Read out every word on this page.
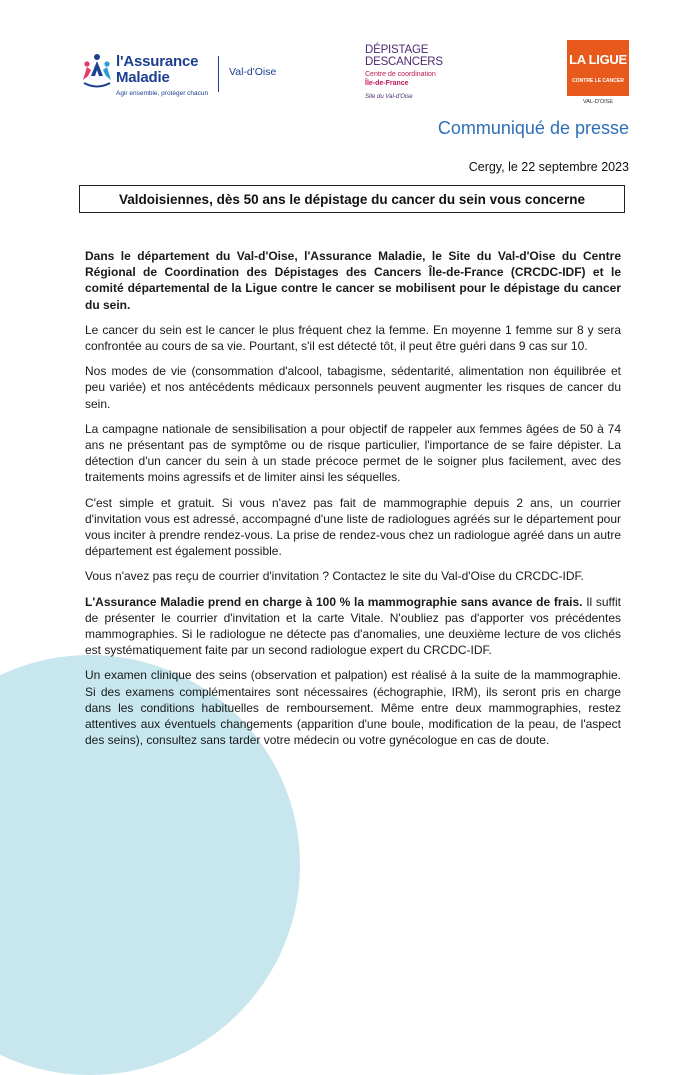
l'Assurance
Maladie
Agir ensemble, protéger chacun
Val-d'Oise
DÉPISTAGE
DESCANCERS
Centre de coordination
Île-de-France
Site du Val-d'Oise
LA LIGUE
CONTRE LE CANCER
VAL-D'OISE
Communiqué de presse
Cergy, le 22 septembre 2023
Valdoisiennes, dès 50 ans le dépistage du cancer du sein vous concerne

Dans le département du Val-d'Oise, l'Assurance Maladie, le Site du Val-d'Oise du Centre Régional de Coordination des Dépistages des Cancers Île-de-France (CRCDC-IDF) et le comité départemental de la Ligue contre le cancer se mobilisent pour le dépistage du cancer du sein.

Le cancer du sein est le cancer le plus fréquent chez la femme. En moyenne 1 femme sur 8 y sera confrontée au cours de sa vie. Pourtant, s'il est détecté tôt, il peut être guéri dans 9 cas sur 10.

Nos modes de vie (consommation d'alcool, tabagisme, sédentarité, alimentation non équilibrée et peu variée) et nos antécédents médicaux personnels peuvent augmenter les risques de cancer du sein.

La campagne nationale de sensibilisation a pour objectif de rappeler aux femmes âgées de 50 à 74 ans ne présentant pas de symptôme ou de risque particulier, l'importance de se faire dépister. La détection d'un cancer du sein à un stade précoce permet de le soigner plus facilement, avec des traitements moins agressifs et de limiter ainsi les séquelles.

C'est simple et gratuit. Si vous n'avez pas fait de mammographie depuis 2 ans, un courrier d'invitation vous est adressé, accompagné d'une liste de radiologues agréés sur le département pour vous inciter à prendre rendez-vous. La prise de rendez-vous chez un radiologue agréé dans un autre département est également possible.

Vous n'avez pas reçu de courrier d'invitation ? Contactez le site du Val-d'Oise du CRCDC-IDF.

L'Assurance Maladie prend en charge à 100 % la mammographie sans avance de frais. Il suffit de présenter le courrier d'invitation et la carte Vitale. N'oubliez pas d'apporter vos précédentes mammographies. Si le radiologue ne détecte pas d'anomalies, une deuxième lecture de vos clichés est systématiquement faite par un second radiologue expert du CRCDC-IDF.

Un examen clinique des seins (observation et palpation) est réalisé à la suite de la mammographie. Si des examens complémentaires sont nécessaires (échographie, IRM), ils seront pris en charge dans les conditions habituelles de remboursement. Même entre deux mammographies, restez attentives aux éventuels changements (apparition d'une boule, modification de la peau, de l'aspect des seins), consultez sans tarder votre médecin ou votre gynécologue en cas de doute.
